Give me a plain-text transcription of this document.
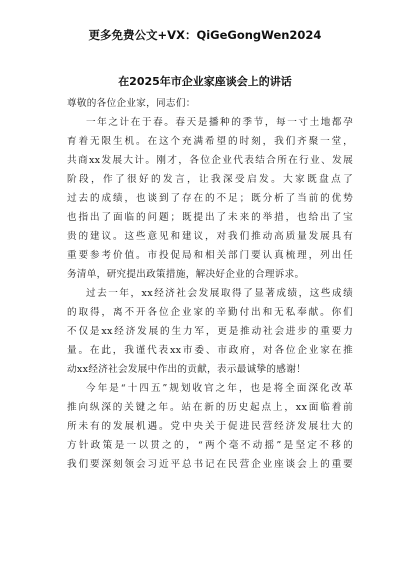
更多免费公文+VX：QiGeGongWen2024
在2025年市企业家座谈会上的讲话
尊敬的各位企业家，同志们：
一年之计在于春。春天是播种的季节，每一寸土地都孕
育着无限生机。在这个充满希望的时刻，我们齐聚一堂，
共商xx发展大计。刚才，各位企业代表结合所在行业、发展
阶段，作了很好的发言，让我深受启发。大家既盘点了
过去的成绩，也谈到了存在的不足；既分析了当前的优势
也指出了面临的问题；既提出了未来的举措，也给出了宝
贵的建议。这些意见和建议，对我们推动高质量发展具有
重要参考价值。市投促局和相关部门要认真梳理，列出任
务清单，研究提出政策措施，解决好企业的合理诉求。
过去一年，xx经济社会发展取得了显著成绩，这些成绩
的取得，离不开各位企业家的辛勤付出和无私奉献。你们
不仅是xx经济发展的生力军，更是推动社会进步的重要力
量。在此，我谨代表xx市委、市政府，对各位企业家在推
动xx经济社会发展中作出的贡献，表示最诚挚的感谢！
今年是“十四五”规划收官之年，也是将全面深化改革
推向纵深的关键之年。站在新的历史起点上，xx面临着前
所未有的发展机遇。党中央关于促进民营经济发展壮大的
方针政策是一以贯之的，“两个毫不动摇”是坚定不移的
我们要深刻领会习近平总书记在民营企业座谈会上的重要
